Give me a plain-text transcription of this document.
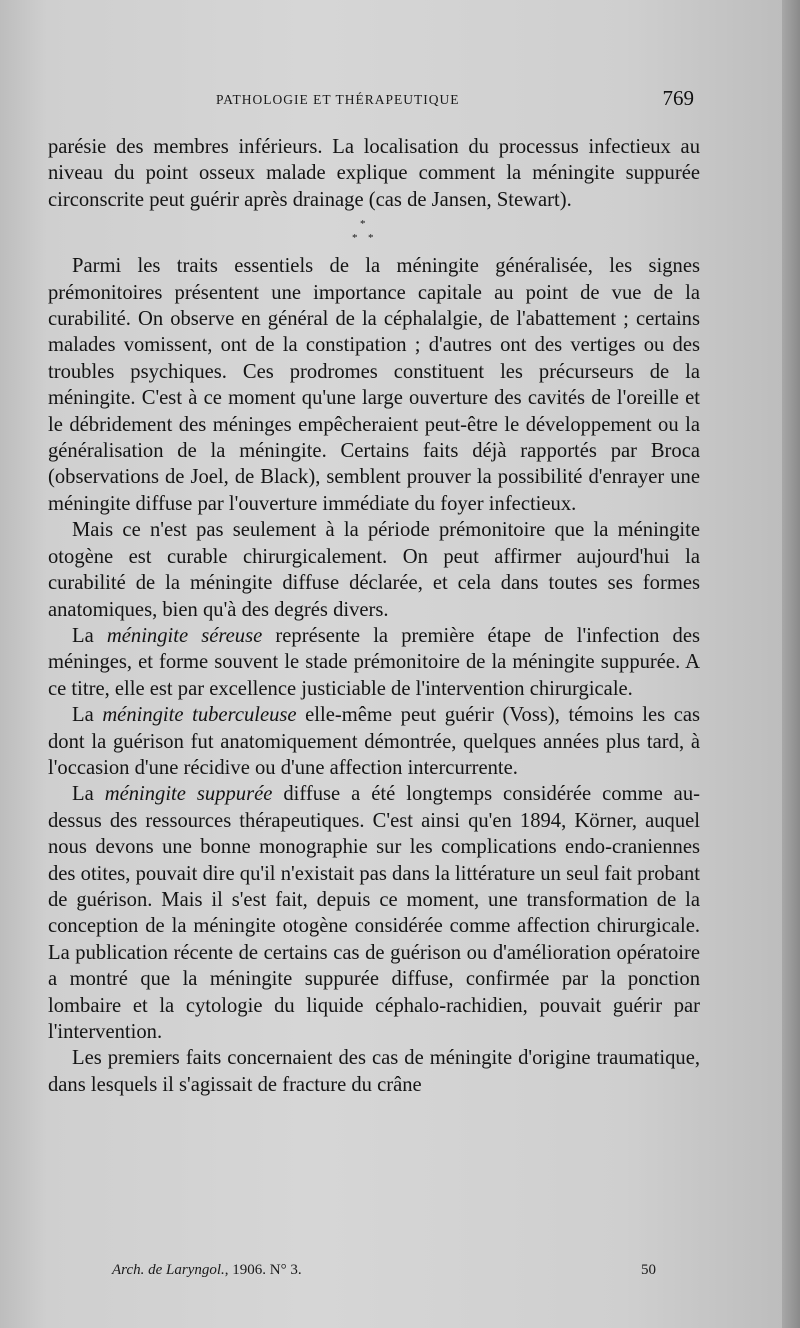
PATHOLOGIE ET THÉRAPEUTIQUE	769

parésie des membres inférieurs. La localisation du processus infectieux au niveau du point osseux malade explique comment la méningite suppurée circonscrite peut guérir après drainage (cas de Jansen, Stewart).

*
* *

Parmi les traits essentiels de la méningite généralisée, les signes prémonitoires présentent une importance capitale au point de vue de la curabilité. On observe en général de la céphalalgie, de l'abattement ; certains malades vomissent, ont de la constipation ; d'autres ont des vertiges ou des troubles psychiques. Ces prodromes constituent les précurseurs de la méningite. C'est à ce moment qu'une large ouverture des cavités de l'oreille et le débridement des méninges empêcheraient peut-être le développement ou la généralisation de la méningite. Certains faits déjà rapportés par Broca (observations de Joel, de Black), semblent prouver la possibilité d'enrayer une méningite diffuse par l'ouverture immédiate du foyer infectieux.

Mais ce n'est pas seulement à la période prémonitoire que la méningite otogène est curable chirurgicalement. On peut affirmer aujourd'hui la curabilité de la méningite diffuse déclarée, et cela dans toutes ses formes anatomiques, bien qu'à des degrés divers.

La méningite séreuse représente la première étape de l'infection des méninges, et forme souvent le stade prémonitoire de la méningite suppurée. A ce titre, elle est par excellence justiciable de l'intervention chirurgicale.

La méningite tuberculeuse elle-même peut guérir (Voss), témoins les cas dont la guérison fut anatomiquement démontrée, quelques années plus tard, à l'occasion d'une récidive ou d'une affection intercurrente.

La méningite suppurée diffuse a été longtemps considérée comme au-dessus des ressources thérapeutiques. C'est ainsi qu'en 1894, Körner, auquel nous devons une bonne monographie sur les complications endo-craniennes des otites, pouvait dire qu'il n'existait pas dans la littérature un seul fait probant de guérison. Mais il s'est fait, depuis ce moment, une transformation de la conception de la méningite otogène considérée comme affection chirurgicale. La publication récente de certains cas de guérison ou d'amélioration opératoire a montré que la méningite suppurée diffuse, confirmée par la ponction lombaire et la cytologie du liquide céphalo-rachidien, pouvait guérir par l'intervention.

Les premiers faits concernaient des cas de méningite d'origine traumatique, dans lesquels il s'agissait de fracture du crâne

Arch. de Laryngol., 1906. N° 3.	50
